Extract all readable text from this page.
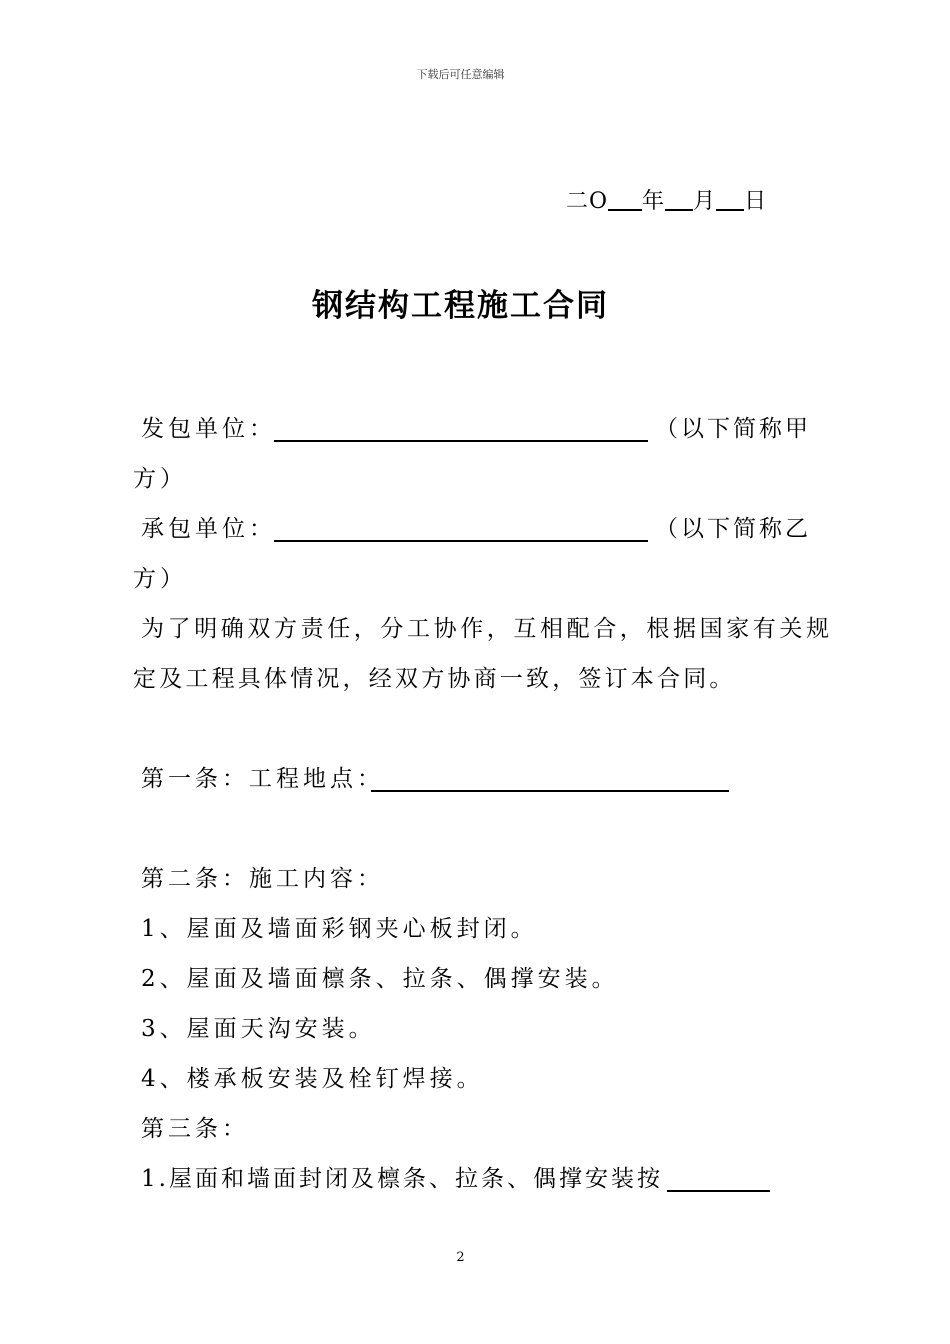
下载后可任意编辑
二O 年 月 日
钢结构工程施工合同
发包单位：	（以下简称甲
方）
承包单位：	（以下简称乙
方）
为了明确双方责任，分工协作，互相配合，根据国家有关规
定及工程具体情况，经双方协商一致，签订本合同。
第一条：工程地点：
第二条：施工内容：
1、屋面及墙面彩钢夹心板封闭。
2、屋面及墙面檩条、拉条、偶撑安装。
3、屋面天沟安装。
4、楼承板安装及栓钉焊接。
第三条：
1.屋面和墙面封闭及檩条、拉条、偶撑安装按
2
